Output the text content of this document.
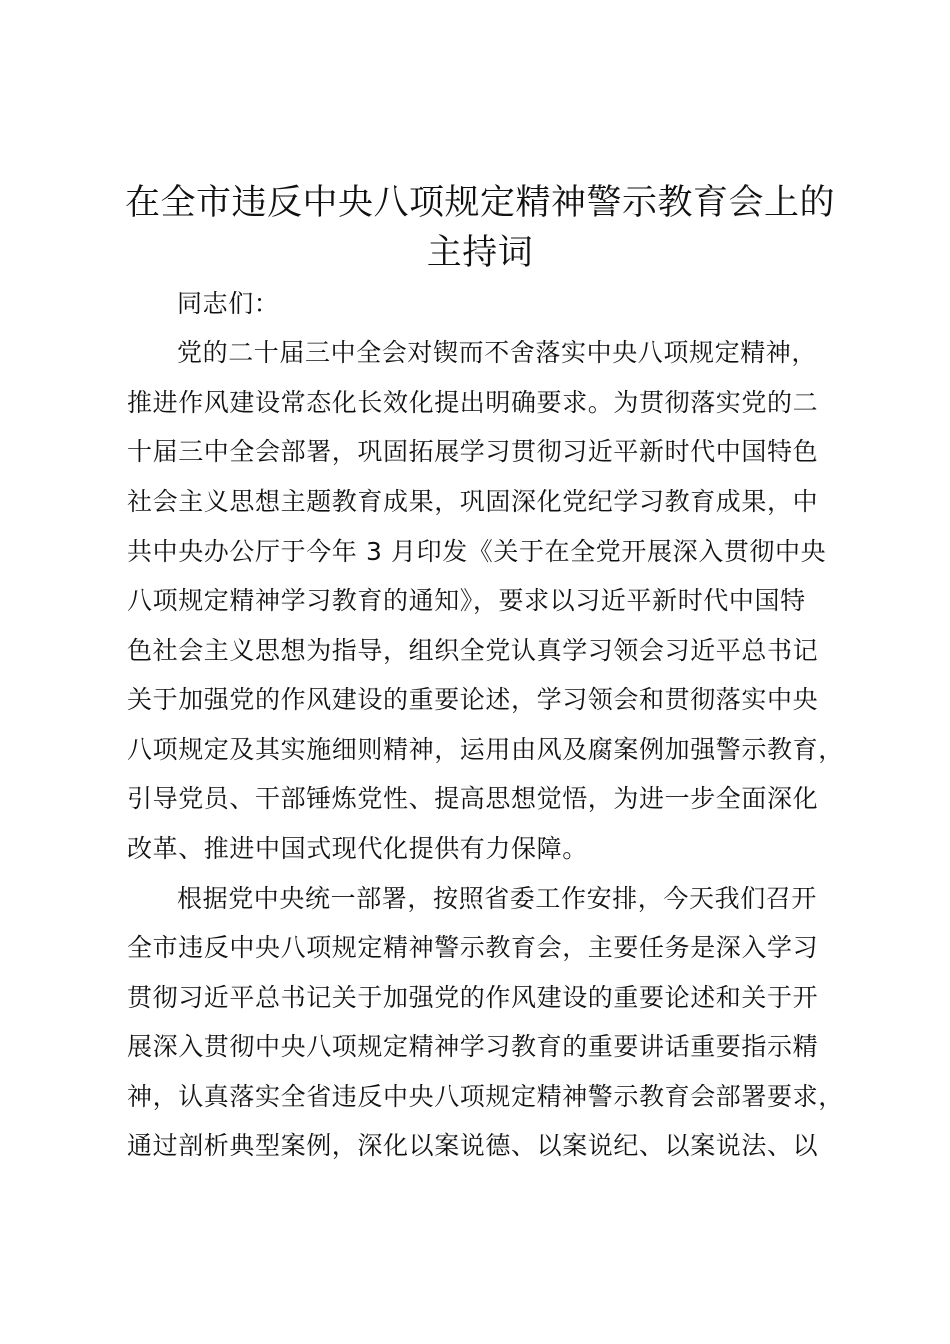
在全市违反中央八项规定精神警示教育会上的
主持词

同志们：

党的二十届三中全会对锲而不舍落实中央八项规定精神，

推进作风建设常态化长效化提出明确要求。为贯彻落实党的二

十届三中全会部署，巩固拓展学习贯彻习近平新时代中国特色

社会主义思想主题教育成果，巩固深化党纪学习教育成果，中

共中央办公厅于今年 3 月印发《关于在全党开展深入贯彻中央

八项规定精神学习教育的通知》，要求以习近平新时代中国特

色社会主义思想为指导，组织全党认真学习领会习近平总书记

关于加强党的作风建设的重要论述，学习领会和贯彻落实中央

八项规定及其实施细则精神，运用由风及腐案例加强警示教育，

引导党员、干部锤炼党性、提高思想觉悟，为进一步全面深化

改革、推进中国式现代化提供有力保障。

根据党中央统一部署，按照省委工作安排，今天我们召开

全市违反中央八项规定精神警示教育会，主要任务是深入学习

贯彻习近平总书记关于加强党的作风建设的重要论述和关于开

展深入贯彻中央八项规定精神学习教育的重要讲话重要指示精

神，认真落实全省违反中央八项规定精神警示教育会部署要求，

通过剖析典型案例，深化以案说德、以案说纪、以案说法、以
